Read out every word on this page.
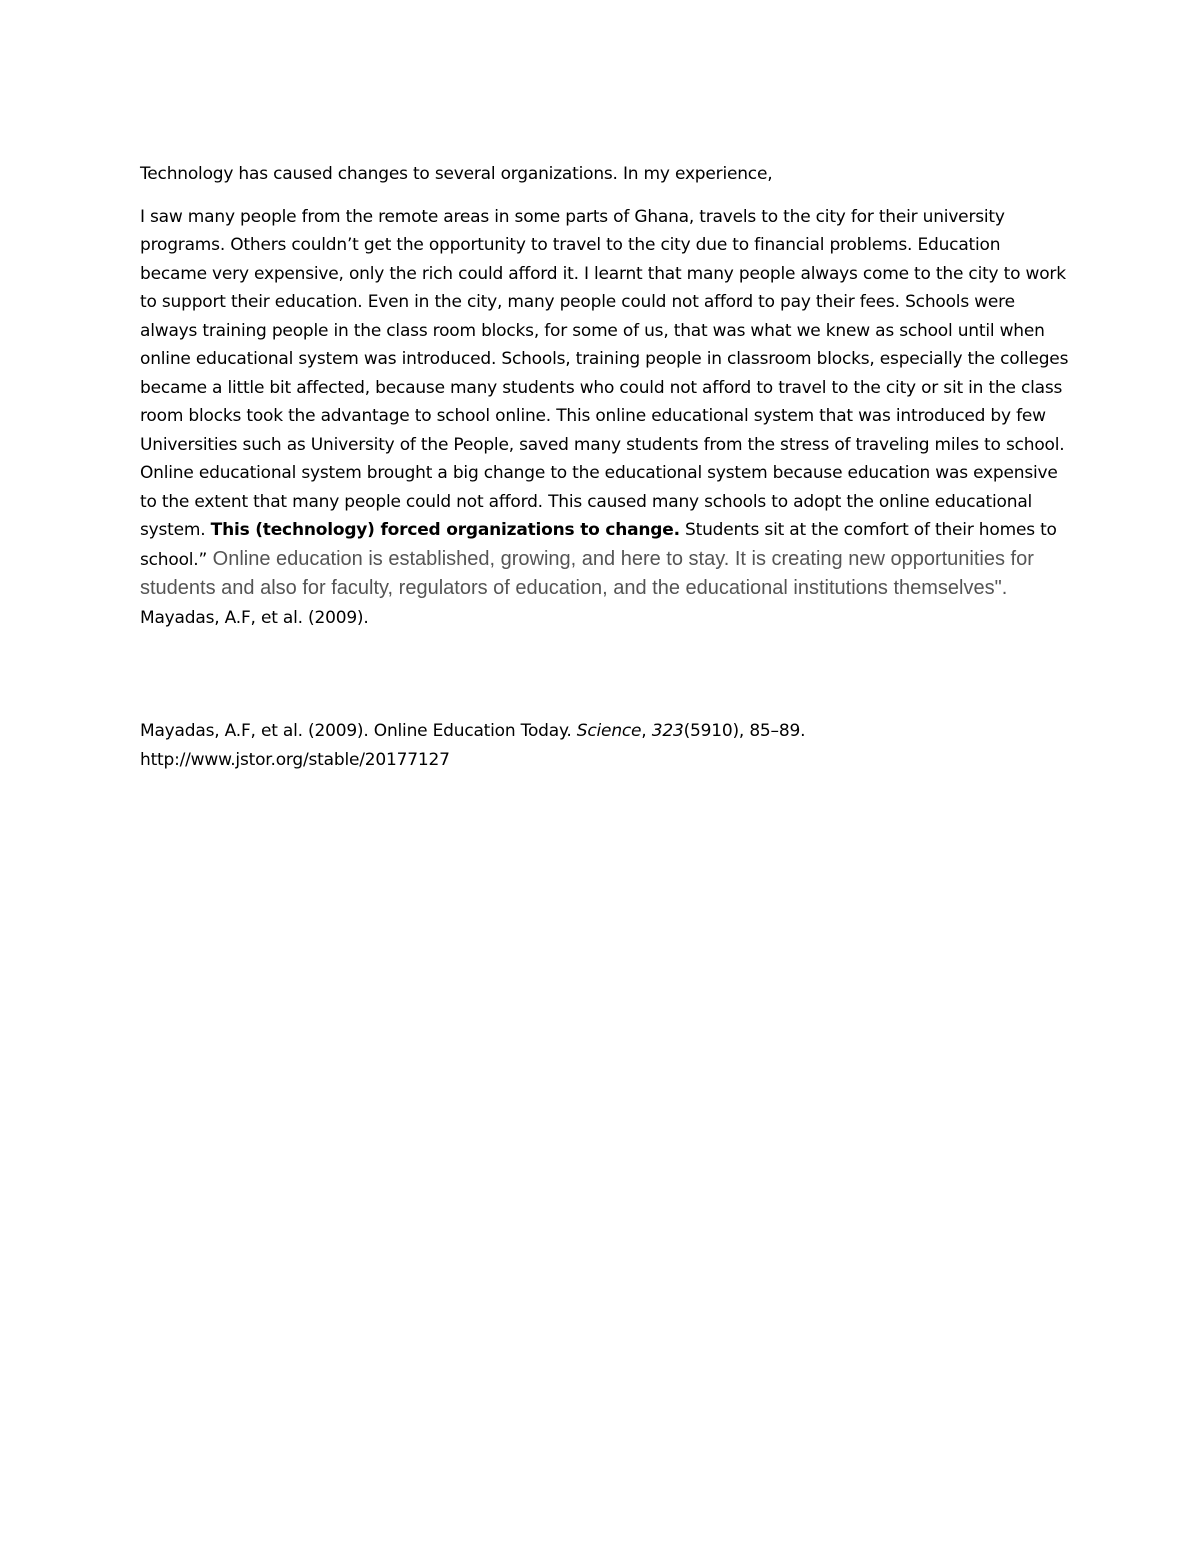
Technology has caused changes to several organizations. In my experience,

I saw many people from the remote areas in some parts of Ghana, travels to the city for their university programs. Others couldn’t get the opportunity to travel to the city due to financial problems. Education became very expensive, only the rich could afford it. I learnt that many people always come to the city to work to support their education. Even in the city, many people could not afford to pay their fees. Schools were always training people in the class room blocks, for some of us, that was what we knew as school until when online educational system was introduced. Schools, training people in classroom blocks, especially the colleges became a little bit affected, because many students who could not afford to travel to the city or sit in the class room blocks took the advantage to school online. This online educational system that was introduced by few Universities such as University of the People, saved many students from the stress of traveling miles to school. Online educational system brought a big change to the educational system because education was expensive to the extent that many people could not afford. This caused many schools to adopt the online educational system. This (technology) forced organizations to change. Students sit at the comfort of their homes to school.” Online education is established, growing, and here to stay. It is creating new opportunities for students and also for faculty, regulators of education, and the educational institutions themselves". Mayadas, A.F, et al. (2009).

Mayadas, A.F, et al. (2009). Online Education Today. Science, 323(5910), 85–89.

http://www.jstor.org/stable/20177127
